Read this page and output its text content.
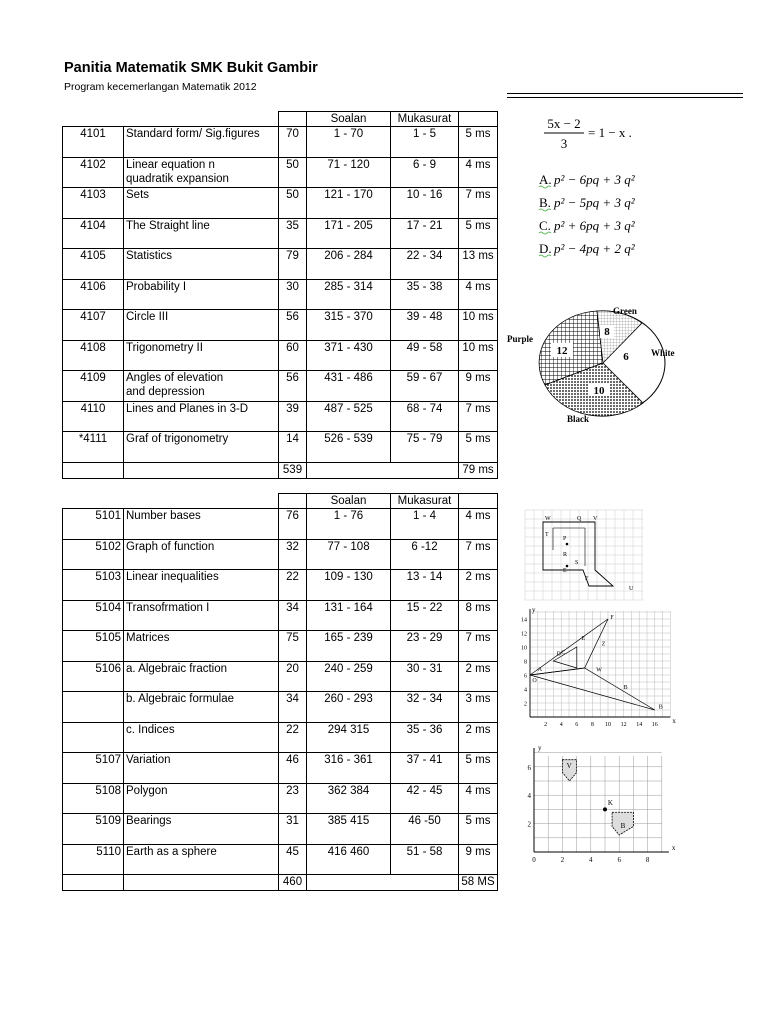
Panitia Matematik SMK Bukit Gambir
Program kecemerlangan Matematik 2012
			Soalan	Mukasurat	
4101	Standard form/ Sig.figures	70	1 - 70	1 - 5	5 ms
4102	Linear equation n
quadratik expansion	50	71 - 120	6 - 9	4 ms
4103	Sets	50	121 - 170	10 - 16	7 ms
4104	The Straight line	35	171 - 205	17 - 21	5 ms
4105	Statistics	79	206 - 284	22 - 34	13 ms
4106	Probability I	30	285 - 314	35 - 38	4 ms
4107	Circle III	56	315 - 370	39 - 48	10 ms
4108	Trigonometry II	60	371 - 430	49 - 58	10 ms
4109	Angles of elevation
and depression	56	431 - 486	59 - 67	9 ms
4110	Lines and Planes in 3-D	39	487 - 525	68 - 74	7 ms
*4111	Graf of trigonometry	14	526 - 539	75 - 79	5 ms
		539			79 ms
			Soalan	Mukasurat	
5101	Number bases	76	1 - 76	1 - 4	4 ms
5102	Graph of function	32	77 - 108	6 -12	7 ms
5103	Linear inequalities	22	109 - 130	13 - 14	2 ms
5104	Transofrmation I	34	131 - 164	15 - 22	8 ms
5105	Matrices	75	165 - 239	23 - 29	7 ms
5106	a. Algebraic fraction	20	240 - 259	30 - 31	2 ms

	b. Algebraic formulae	34	260 - 293	32 - 34	3 ms

	c. Indices	22	294 315	35 - 36	2 ms
5107	Variation	46	316 - 361	37 - 41	5 ms
5108	Polygon	23	362 384	42 - 45	4 ms
5109	Bearings	31	385 415	46 -50	5 ms
5110	Earth as a sphere	45	416 460	51 - 58	9 ms
		460			58 MS
5x − 2
3
= 1 − x .
A. p² − 6pq + 3 q²
B. p² − 5pq + 3 q²
C. p² + 6pq + 3 q²
D. p² − 4pq + 2 q²
12
8
6
10
Green
Purple
White
Black
W	Q V
T
P
R
S
E
F
U
14
12
10
8
6
4
2
2 4 6 8 10 12 14 16
y
x
F
E
Z
D
A	W
C
B
O
B
6
4
2
0	2	4	6	8
y
x
V
K
B
